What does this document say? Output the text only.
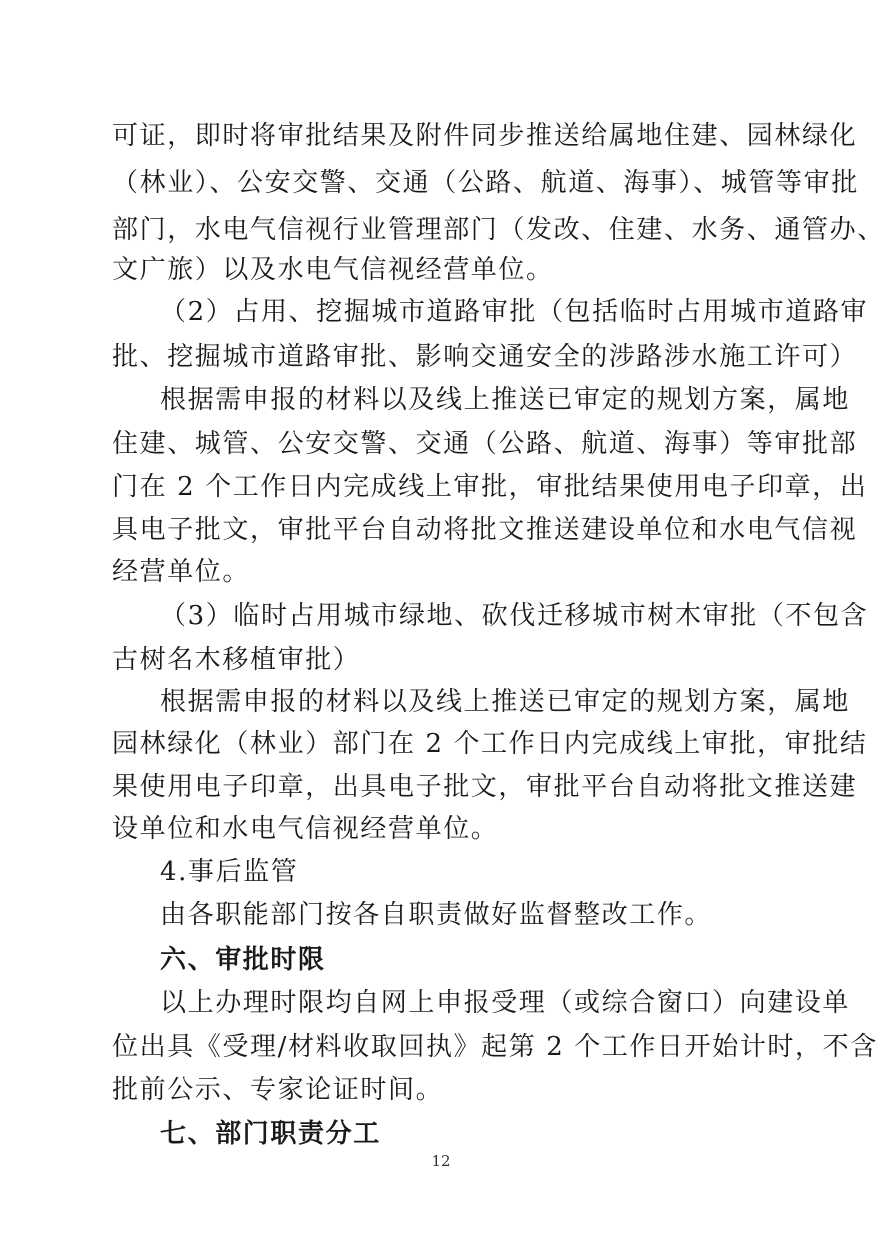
可证，即时将审批结果及附件同步推送给属地住建、园林绿化
（林业）、公安交警、交通（公路、航道、海事）、城管等审批
部门，水电气信视行业管理部门（发改、住建、水务、通管办、
文广旅）以及水电气信视经营单位。
（2）占用、挖掘城市道路审批（包括临时占用城市道路审
批、挖掘城市道路审批、影响交通安全的涉路涉水施工许可）
根据需申报的材料以及线上推送已审定的规划方案，属地
住建、城管、公安交警、交通（公路、航道、海事）等审批部
门在 2 个工作日内完成线上审批，审批结果使用电子印章，出
具电子批文，审批平台自动将批文推送建设单位和水电气信视
经营单位。
（3）临时占用城市绿地、砍伐迁移城市树木审批（不包含
古树名木移植审批）
根据需申报的材料以及线上推送已审定的规划方案，属地
园林绿化（林业）部门在 2 个工作日内完成线上审批，审批结
果使用电子印章，出具电子批文，审批平台自动将批文推送建
设单位和水电气信视经营单位。
4.事后监管
由各职能部门按各自职责做好监督整改工作。
六、审批时限
以上办理时限均自网上申报受理（或综合窗口）向建设单
位出具《受理/材料收取回执》起第 2 个工作日开始计时，不含
批前公示、专家论证时间。
七、部门职责分工
12
